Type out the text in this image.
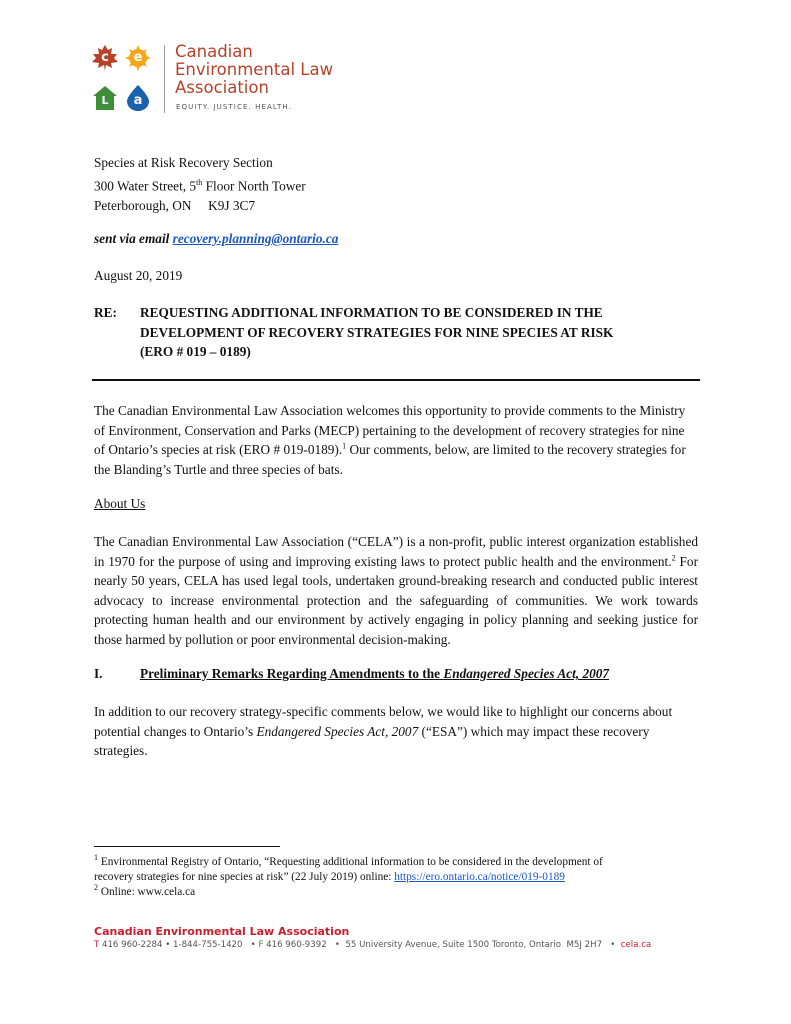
c	e
L	a
Canadian
Environmental Law
Association
EQUITY. JUSTICE. HEALTH.
Species at Risk Recovery Section
300 Water Street, 5th Floor North Tower
Peterborough, ON     K9J 3C7
sent via email recovery.planning@ontario.ca
August 20, 2019
RE: REQUESTING ADDITIONAL INFORMATION TO BE CONSIDERED IN THE
DEVELOPMENT OF RECOVERY STRATEGIES FOR NINE SPECIES AT RISK
(ERO # 019 – 0189)
The Canadian Environmental Law Association welcomes this opportunity to provide comments to the Ministry of Environment, Conservation and Parks (MECP) pertaining to the development of recovery strategies for nine of Ontario’s species at risk (ERO # 019-0189).$^1$ Our comments, below, are limited to the recovery strategies for the Blanding’s Turtle and three species of bats.
About Us
The Canadian Environmental Law Association (“CELA”) is a non-profit, public interest organization established in 1970 for the purpose of using and improving existing laws to protect public health and the environment.$^2$ For nearly 50 years, CELA has used legal tools, undertaken ground-breaking research and conducted public interest advocacy to increase environmental protection and the safeguarding of communities. We work towards protecting human health and our environment by actively engaging in policy planning and seeking justice for those harmed by pollution or poor environmental decision-making.
I.	Preliminary Remarks Regarding Amendments to the Endangered Species Act, 2007
In addition to our recovery strategy-specific comments below, we would like to highlight our concerns about potential changes to Ontario’s Endangered Species Act, 2007 (“ESA”) which may impact these recovery strategies.
$^1$ Environmental Registry of Ontario, “Requesting additional information to be considered in the development of
recovery strategies for nine species at risk” (22 July 2019) online: https://ero.ontario.ca/notice/019-0189
$^2$ Online: www.cela.ca
Canadian Environmental Law Association
T 416 960-2284 • 1-844-755-1420   • F 416 960-9392   •  55 University Avenue, Suite 1500 Toronto, Ontario  M5J 2H7   •  cela.ca
